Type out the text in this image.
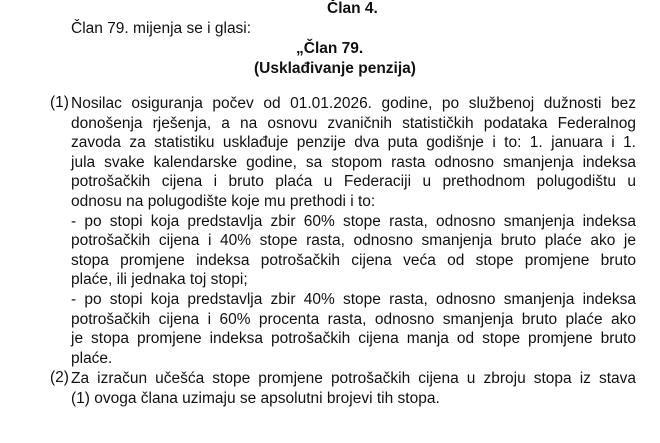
Član 4.
Član 79. mijenja se i glasi:
„Član 79.
(Usklađivanje penzija)
(1) Nosilac osiguranja počev od 01.01.2026. godine, po službenoj dužnosti bez
donošenja rješenja, a na osnovu zvaničnih statističkih podataka Federalnog
zavoda za statistiku usklađuje penzije dva puta godišnje i to: 1. januara i 1.
jula svake kalendarske godine, sa stopom rasta odnosno smanjenja indeksa
potrošačkih cijena i bruto plaća u Federaciji u prethodnom polugodištu u
odnosu na polugodište koje mu prethodi i to:
- po stopi koja predstavlja zbir 60% stope rasta, odnosno smanjenja indeksa
potrošačkih cijena i 40% stope rasta, odnosno smanjenja bruto plaće ako je
stopa promjene indeksa potrošačkih cijena veća od stope promjene bruto
plaće, ili jednaka toj stopi;
- po stopi koja predstavlja zbir 40% stope rasta, odnosno smanjenja indeksa
potrošačkih cijena i 60% procenta rasta, odnosno smanjenja bruto plaće ako
je stopa promjene indeksa potrošačkih cijena manja od stope promjene bruto
plaće.
(2) Za izračun učešća stope promjene potrošačkih cijena u zbroju stopa iz stava
(1) ovoga člana uzimaju se apsolutni brojevi tih stopa.
